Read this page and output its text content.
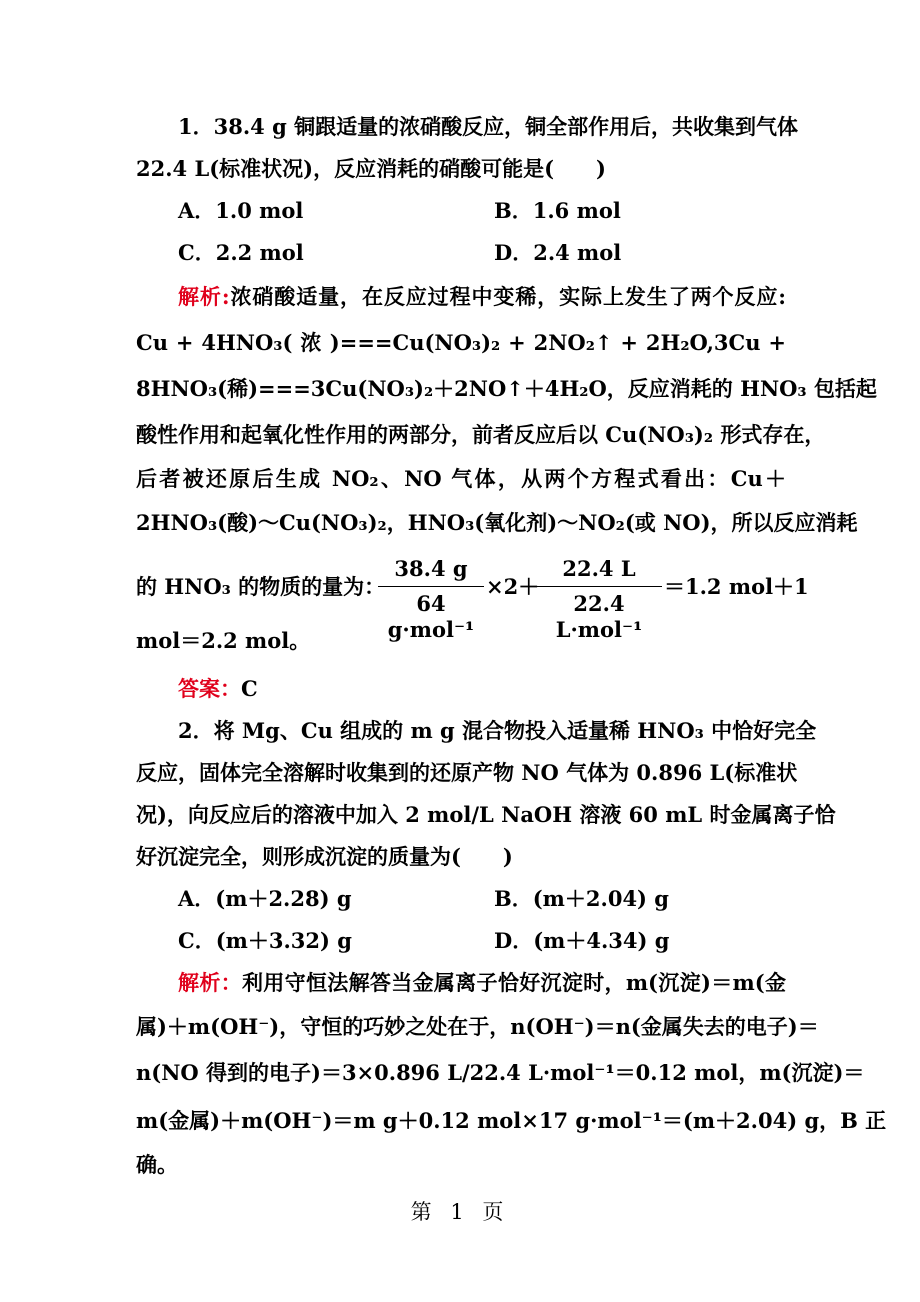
1．38.4 g 铜跟适量的浓硝酸反应，铜全部作用后，共收集到气体
22.4 L(标准状况)，反应消耗的硝酸可能是(　　)
A．1.0 mol	B．1.6 mol
C．2.2 mol	D．2.4 mol
解析:浓硝酸适量，在反应过程中变稀，实际上发生了两个反应:
Cu + 4HNO₃( 浓 )===Cu(NO₃)₂ + 2NO₂↑ + 2H₂O,3Cu +
8HNO₃(稀)===3Cu(NO₃)₂＋2NO↑＋4H₂O，反应消耗的 HNO₃ 包括起
酸性作用和起氧化性作用的两部分，前者反应后以 Cu(NO₃)₂ 形式存在，
后者被还原后生成 NO₂、NO 气体，从两个方程式看出：Cu＋
2HNO₃(酸)～Cu(NO₃)₂，HNO₃(氧化剂)～NO₂(或 NO)，所以反应消耗
的 HNO₃ 的物质的量为：
38.4 g
64 g·mol⁻¹
×2＋
22.4 L
22.4 L·mol⁻¹
＝1.2 mol＋1
mol＝2.2 mol。
答案：C
2．将 Mg、Cu 组成的 m g 混合物投入适量稀 HNO₃ 中恰好完全
反应，固体完全溶解时收集到的还原产物 NO 气体为 0.896 L(标准状
况)，向反应后的溶液中加入 2 mol/L NaOH 溶液 60 mL 时金属离子恰
好沉淀完全，则形成沉淀的质量为(　　)
A．(m＋2.28) g	B．(m＋2.04) g
C．(m＋3.32) g	D．(m＋4.34) g
解析：利用守恒法解答当金属离子恰好沉淀时，m(沉淀)＝m(金
属)＋m(OH⁻)，守恒的巧妙之处在于，n(OH⁻)＝n(金属失去的电子)＝
n(NO 得到的电子)＝3×0.896 L/22.4 L·mol⁻¹＝0.12 mol，m(沉淀)＝
m(金属)＋m(OH⁻)＝m g＋0.12 mol×17 g·mol⁻¹＝(m＋2.04) g，B 正
确。
第 1 页
